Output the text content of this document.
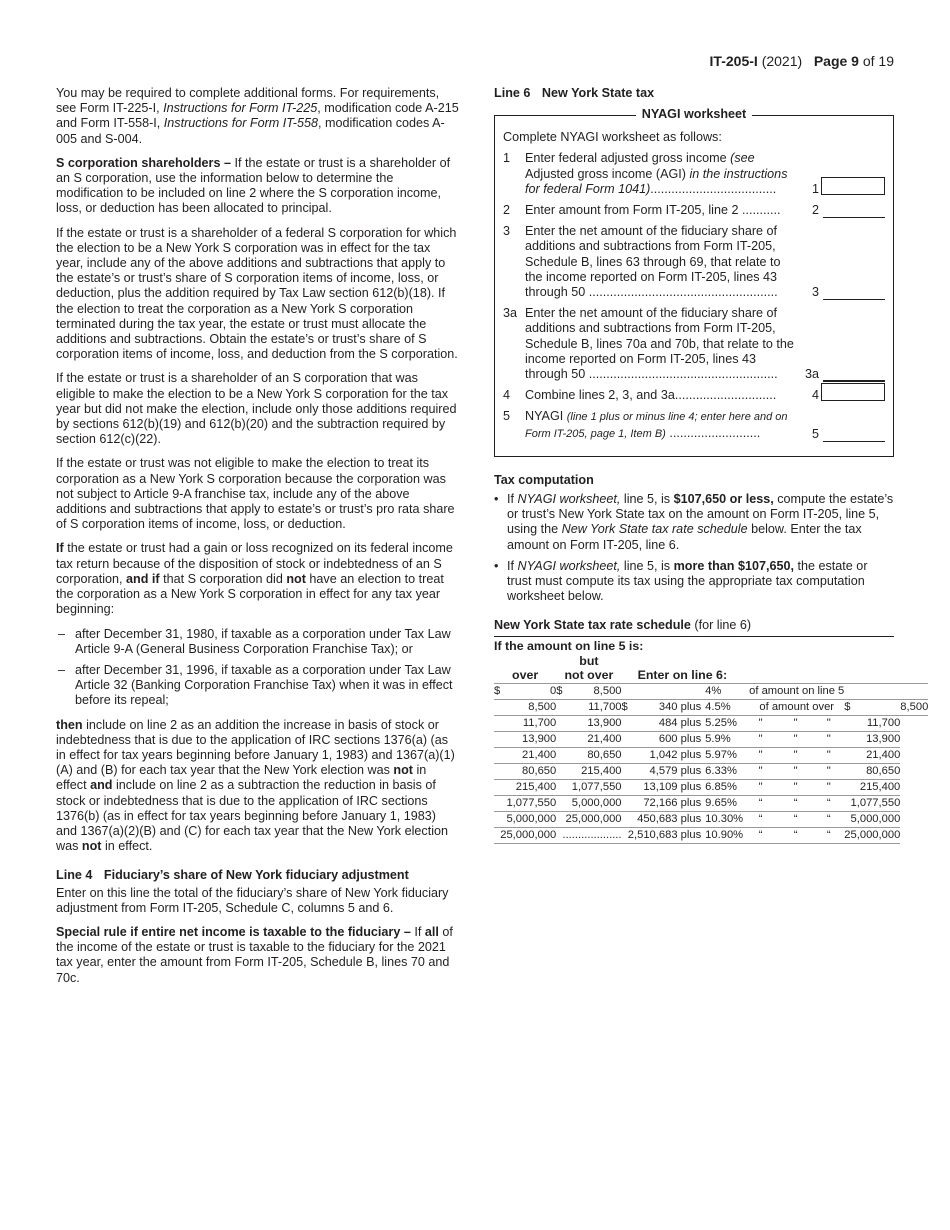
IT-205-I (2021) Page 9 of 19

You may be required to complete additional forms. For requirements, see Form IT-225-I, Instructions for Form IT-225, modification code A-215 and Form IT-558-I, Instructions for Form IT-558, modification codes A-005 and S-004.

S corporation shareholders – If the estate or trust is a shareholder of an S corporation, use the information below to determine the modification to be included on line 2 where the S corporation income, loss, or deduction has been allocated to principal.

If the estate or trust is a shareholder of a federal S corporation for which the election to be a New York S corporation was in effect for the tax year, include any of the above additions and subtractions that apply to the estate’s or trust’s share of S corporation items of income, loss, or deduction, plus the addition required by Tax Law section 612(b)(18). If the election to treat the corporation as a New York S corporation terminated during the tax year, the estate or trust must allocate the additions and subtractions. Obtain the estate’s or trust’s share of S corporation items of income, loss, and deduction from the S corporation.

If the estate or trust is a shareholder of an S corporation that was eligible to make the election to be a New York S corporation for the tax year but did not make the election, include only those additions required by sections 612(b)(19) and 612(b)(20) and the subtraction required by section 612(c)(22).

If the estate or trust was not eligible to make the election to treat its corporation as a New York S corporation because the corporation was not subject to Article 9-A franchise tax, include any of the above additions and subtractions that apply to estate’s or trust’s pro rata share of S corporation items of income, loss, or deduction.

If the estate or trust had a gain or loss recognized on its federal income tax return because of the disposition of stock or indebtedness of an S corporation, and if that S corporation did not have an election to treat the corporation as a New York S corporation in effect for any tax year beginning:

– after December 31, 1980, if taxable as a corporation under Tax Law Article 9-A (General Business Corporation Franchise Tax); or
– after December 31, 1996, if taxable as a corporation under Tax Law Article 32 (Banking Corporation Franchise Tax) when it was in effect before its repeal;

then include on line 2 as an addition the increase in basis of stock or indebtedness that is due to the application of IRC sections 1376(a) (as in effect for tax years beginning before January 1, 1983) and 1367(a)(1)(A) and (B) for each tax year that the New York election was not in effect and include on line 2 as a subtraction the reduction in basis of stock or indebtedness that is due to the application of IRC sections 1376(b) (as in effect for tax years beginning before January 1, 1983) and 1367(a)(2)(B) and (C) for each tax year that the New York election was not in effect.

Line 4 Fiduciary’s share of New York fiduciary adjustment

Enter on this line the total of the fiduciary’s share of New York fiduciary adjustment from Form IT-205, Schedule C, columns 5 and 6.

Special rule if entire net income is taxable to the fiduciary – If all of the income of the estate or trust is taxable to the fiduciary for the 2021 tax year, enter the amount from Form IT-205, Schedule B, lines 70 and 70c.

Line 6 New York State tax
NYAGI worksheet

Complete NYAGI worksheet as follows:

1	Enter federal adjusted gross income (see Adjusted gross income (AGI) in the instructions for federal Form 1041)....................................	1
2	Enter amount from Form IT-205, line 2 ...........	2
3	Enter the net amount of the fiduciary share of additions and subtractions from Form IT-205, Schedule B, lines 63 through 69, that relate to the income reported on Form IT-205, lines 43 through 50 ......................................................	3
3a Enter the net amount of the fiduciary share of additions and subtractions from Form IT-205, Schedule B, lines 70a and 70b, that relate to the income reported on Form IT-205, lines 43 through 50 ......................................................	3a
4	Combine lines 2, 3, and 3a.............................	4
5	NYAGI (line 1 plus or minus line 4; enter here and on Form IT-205, page 1, Item B) ..........................	5
Tax computation
• If NYAGI worksheet, line 5, is $107,650 or less, compute the estate’s or trust’s New York State tax on the amount on Form IT-205, line 5, using the New York State tax rate schedule below. Enter the tax amount on Form IT-205, line 6.
• If NYAGI worksheet, line 5, is more than $107,650, the estate or trust must compute its tax using the appropriate tax computation worksheet below.
New York State tax rate schedule (for line 6)
If the amount on line 5 is:											
		but									
over		not over		Enter on line 6:							
$	0	$	8,500			4%	of amount on line 5				
	8,500		11,700	$	340 plus	4.5%	of amount over			$	8,500
	11,700		13,900		484 plus	5.25%	"	"	"		11,700	
	13,900		21,400		600 plus	5.9%	"	"	"		13,900	
	21,400		80,650		1,042 plus	5.97%	"	"	"		21,400	
	80,650		215,400		4,579 plus	6.33%	"	"	"		80,650	
	215,400		1,077,550		13,109 plus	6.85%	"	"	"		215,400	
	1,077,550		5,000,000		72,166 plus	9.65%	“	“	“		1,077,550	
	5,000,000		25,000,000		450,683 plus	10.30%	“	“	“		5,000,000	
	25,000,000		...................		2,510,683 plus	10.90%	“	“	“		25,000,000	
